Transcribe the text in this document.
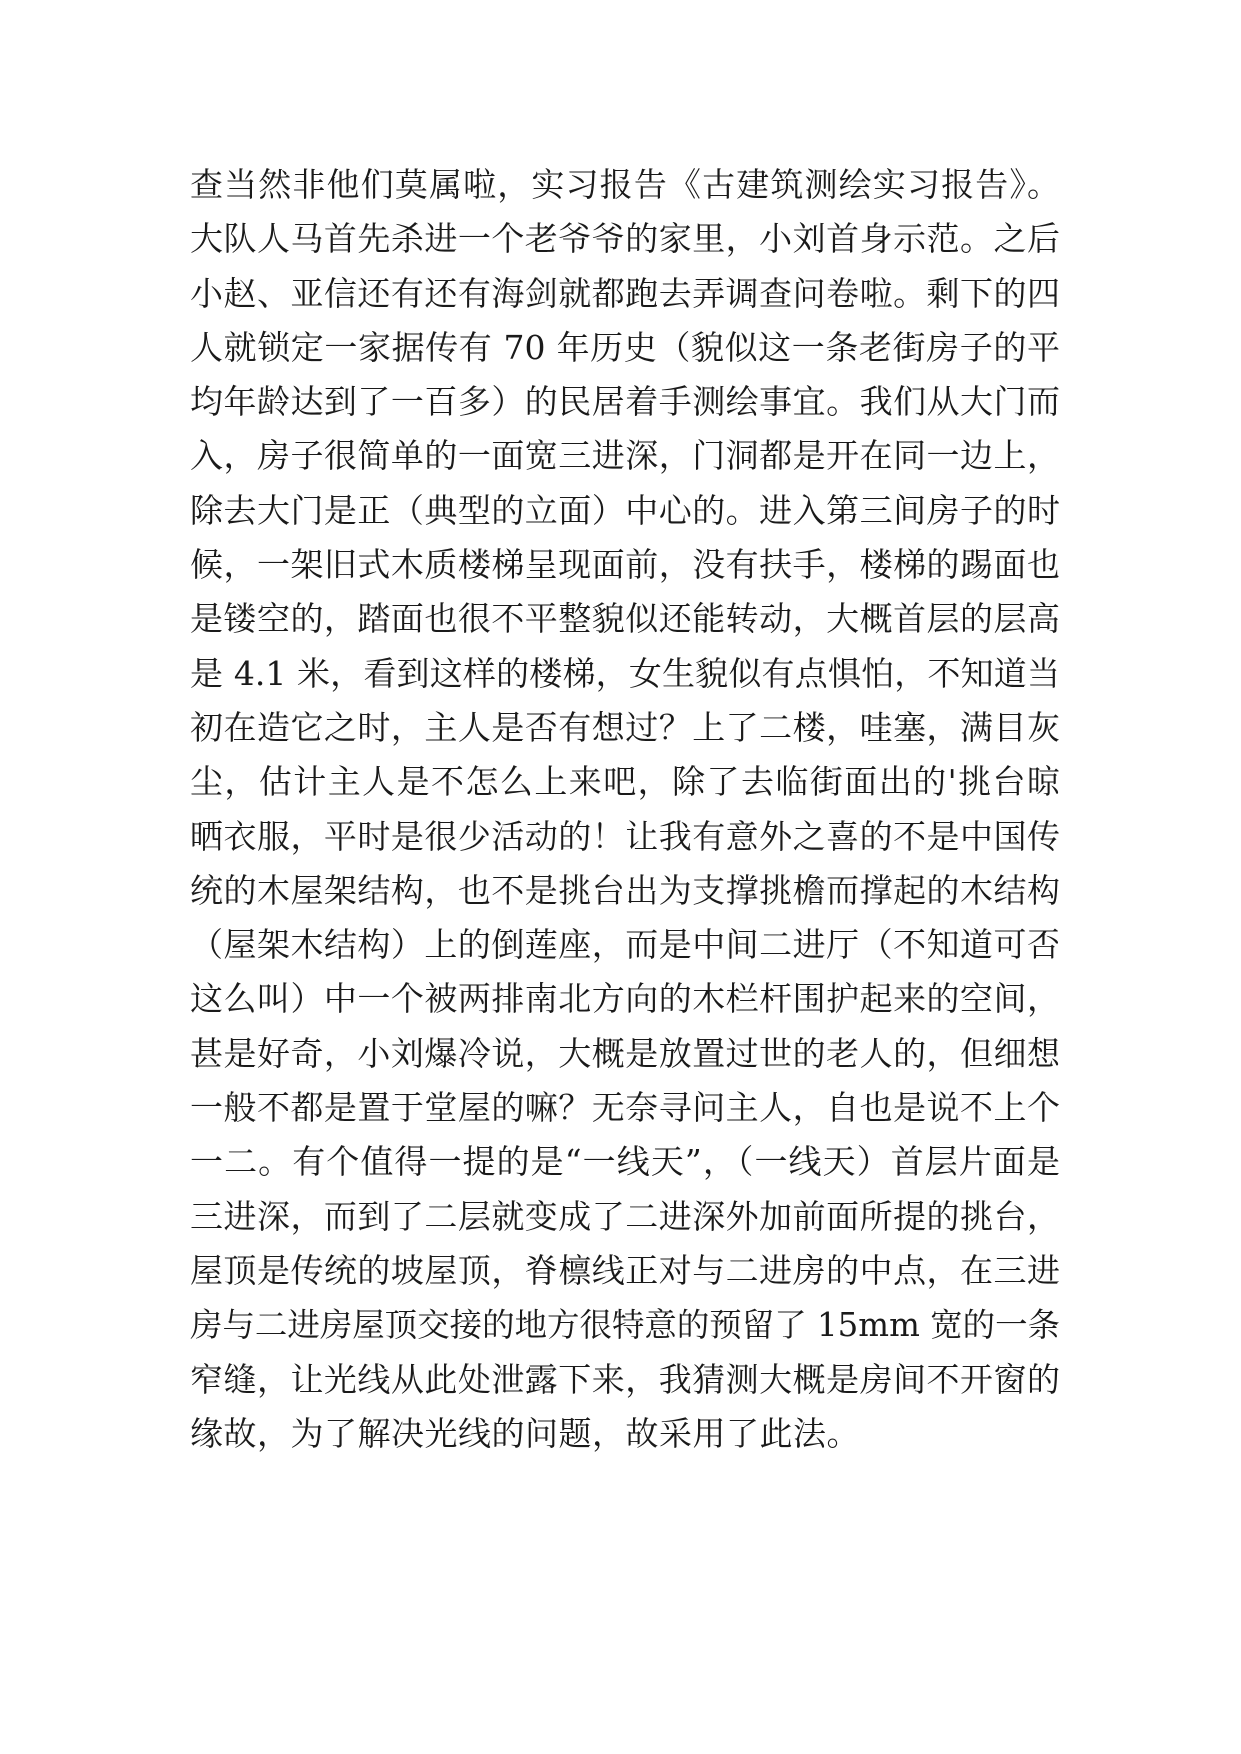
查当然非他们莫属啦，实习报告《古建筑测绘实习报告》。
大队人马首先杀进一个老爷爷的家里，小刘首身示范。之后
小赵、亚信还有还有海剑就都跑去弄调查问卷啦。剩下的四
人就锁定一家据传有 70 年历史（貌似这一条老街房子的平
均年龄达到了一百多）的民居着手测绘事宜。我们从大门而
入，房子很简单的一面宽三进深，门洞都是开在同一边上，
除去大门是正（典型的立面）中心的。进入第三间房子的时
候，一架旧式木质楼梯呈现面前，没有扶手，楼梯的踢面也
是镂空的，踏面也很不平整貌似还能转动，大概首层的层高
是 4.1 米，看到这样的楼梯，女生貌似有点惧怕，不知道当
初在造它之时，主人是否有想过？上了二楼，哇塞，满目灰
尘，估计主人是不怎么上来吧，除了去临街面出的'挑台晾
晒衣服，平时是很少活动的！让我有意外之喜的不是中国传
统的木屋架结构，也不是挑台出为支撑挑檐而撑起的木结构
（屋架木结构）上的倒莲座，而是中间二进厅（不知道可否
这么叫）中一个被两排南北方向的木栏杆围护起来的空间，
甚是好奇，小刘爆冷说，大概是放置过世的老人的，但细想
一般不都是置于堂屋的嘛？无奈寻问主人，自也是说不上个
一二。有个值得一提的是“一线天”，（一线天）首层片面是
三进深，而到了二层就变成了二进深外加前面所提的挑台，
屋顶是传统的坡屋顶，脊檩线正对与二进房的中点，在三进
房与二进房屋顶交接的地方很特意的预留了 15mm 宽的一条
窄缝，让光线从此处泄露下来，我猜测大概是房间不开窗的
缘故，为了解决光线的问题，故采用了此法。
